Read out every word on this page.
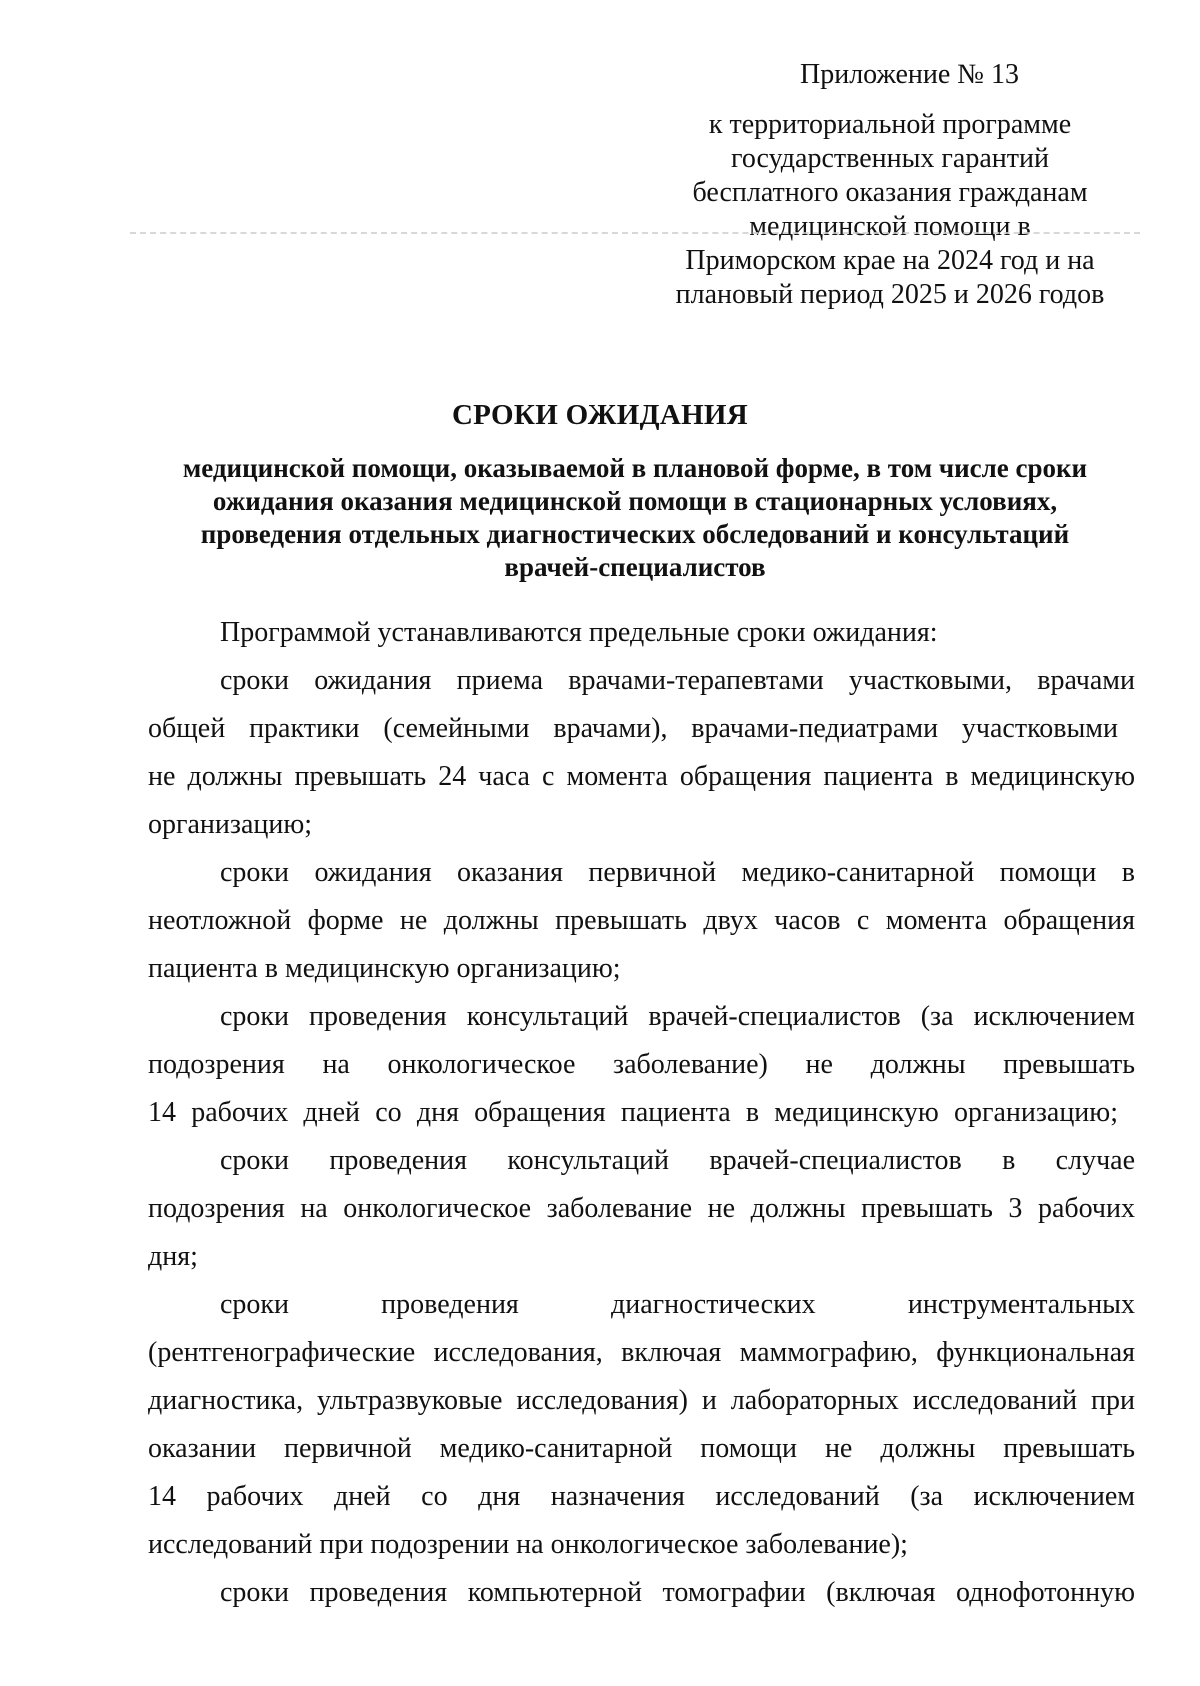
Приложение № 13
к территориальной программе
государственных гарантий
бесплатного оказания гражданам
медицинской помощи в
Приморском крае на 2024 год и на
плановый период 2025 и 2026 годов
СРОКИ ОЖИДАНИЯ
медицинской помощи, оказываемой в плановой форме, в том числе сроки
ожидания оказания медицинской помощи в стационарных условиях,
проведения отдельных диагностических обследований и консультаций
врачей-специалистов
Программой устанавливаются предельные сроки ожидания:
сроки ожидания приема врачами-терапевтами участковыми, врачами
общей практики (семейными врачами), врачами-педиатрами участковыми
не должны превышать 24 часа с момента обращения пациента в медицинскую
организацию;
сроки ожидания оказания первичной медико-санитарной помощи в
неотложной форме не должны превышать двух часов с момента обращения
пациента в медицинскую организацию;
сроки проведения консультаций врачей-специалистов (за исключением
подозрения на онкологическое заболевание) не должны превышать
14 рабочих дней со дня обращения пациента в медицинскую организацию;
сроки проведения консультаций врачей-специалистов в случае
подозрения на онкологическое заболевание не должны превышать 3 рабочих
дня;
сроки проведения диагностических инструментальных
(рентгенографические исследования, включая маммографию, функциональная
диагностика, ультразвуковые исследования) и лабораторных исследований при
оказании первичной медико-санитарной помощи не должны превышать
14 рабочих дней со дня назначения исследований (за исключением
исследований при подозрении на онкологическое заболевание);
сроки проведения компьютерной томографии (включая однофотонную
